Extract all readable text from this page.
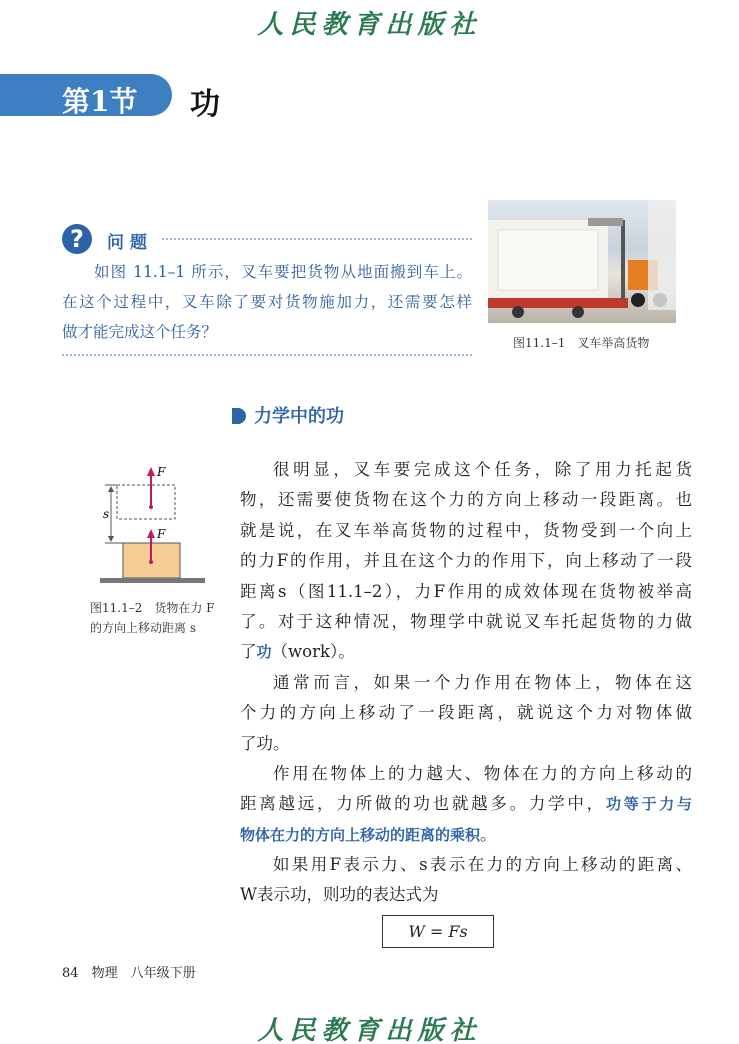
人民教育出版社
第1节 功
?	问题
如图 11.1–1 所示，叉车要把货物从地面搬到车上。
在这个过程中，叉车除了要对货物施加力，还需要怎样
做才能完成这个任务？
图11.1–1　叉车举高货物
力学中的功
F
F
s
图11.1–2　货物在力 F
的方向上移动距离 s
很明显，叉车要完成这个任务，除了用力托起货
物，还需要使货物在这个力的方向上移动一段距离。也
就是说，在叉车举高货物的过程中，货物受到一个向上
的力F的作用，并且在这个力的作用下，向上移动了一段
距离s（图11.1–2），力F作用的成效体现在货物被举高
了。对于这种情况，物理学中就说叉车托起货物的力做
了功（work）。
通常而言，如果一个力作用在物体上，物体在这
个力的方向上移动了一段距离，就说这个力对物体做
了功。
作用在物体上的力越大、物体在力的方向上移动的
距离越远，力所做的功也就越多。力学中，功等于力与
物体在力的方向上移动的距离的乘积。
如果用F表示力、s表示在力的方向上移动的距离、
W表示功，则功的表达式为
W = Fs
84　 物理　八年级下册
人民教育出版社
